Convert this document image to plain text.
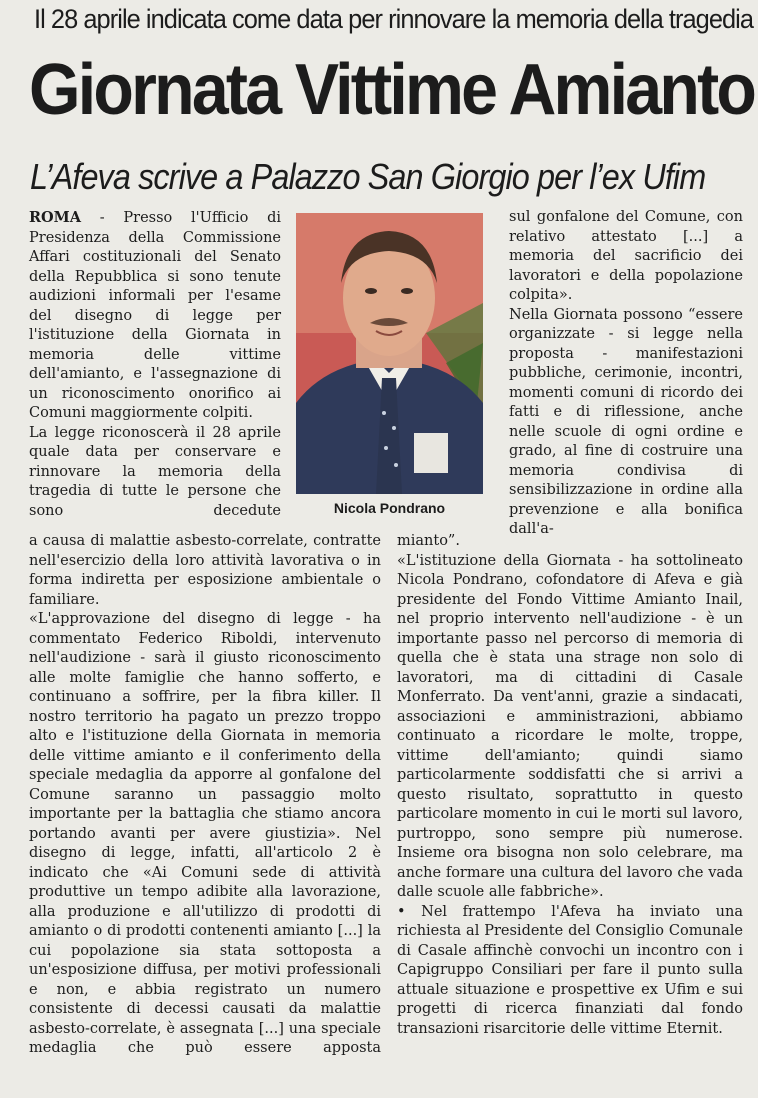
Il 28 aprile indicata come data per rinnovare la memoria della tragedia
Giornata Vittime Amianto
L’Afeva scrive a Palazzo San Giorgio per l’ex Ufim

ROMA - Presso l'Ufficio di Presidenza della Commissione Affari costituzionali del Senato della Repubblica si sono tenute audizioni informali per l'esame del disegno di legge per l'istituzione della Giornata in memoria delle vittime dell'amianto, e l'assegnazione di un riconoscimento onorifico ai Comuni maggiormente colpiti.

La legge riconoscerà il 28 aprile quale data per conservare e rinnovare la memoria della tragedia di tutte le persone che sono decedute	Nicola Pondrano

sul gonfalone del Comune, con relativo attestato [...] a memoria del sacrificio dei lavoratori e della popolazione colpita».

Nella Giornata possono “essere organizzate - si legge nella proposta - manifestazioni pubbliche, cerimonie, incontri, momenti comuni di ricordo dei fatti e di riflessione, anche nelle scuole di ogni ordine e grado, al fine di costruire una memoria condivisa di sensibilizzazione in ordine alla prevenzione e alla bonifica dall'a-

a causa di malattie asbesto-correlate, contratte nell'esercizio della loro attività lavorativa o in forma indiretta per esposizione ambientale o familiare.

«L'approvazione del disegno di legge - ha commentato Federico Riboldi, intervenuto nell'audizione - sarà il giusto riconoscimento alle molte famiglie che hanno sofferto, e continuano a soffrire, per la fibra killer. Il nostro territorio ha pagato un prezzo troppo alto e l'istituzione della Giornata in memoria delle vittime amianto e il conferimento della speciale medaglia da apporre al gonfalone del Comune saranno un passaggio molto importante per la battaglia che stiamo ancora portando avanti per avere giustizia». Nel disegno di legge, infatti, all'articolo 2 è indicato che «Ai Comuni sede di attività produttive un tempo adibite alla lavorazione, alla produzione e all'utilizzo di prodotti di amianto o di prodotti contenenti amianto [...] la cui popolazione sia stata sottoposta a un'esposizione diffusa, per motivi professionali e non, e abbia registrato un numero consistente di decessi causati da malattie asbesto-correlate, è assegnata [...] una speciale medaglia che può essere apposta

mianto”.

«L'istituzione della Giornata - ha sottolineato Nicola Pondrano, cofondatore di Afeva e già presidente del Fondo Vittime Amianto Inail, nel proprio intervento nell'audizione - è un importante passo nel percorso di memoria di quella che è stata una strage non solo di lavoratori, ma di cittadini di Casale Monferrato. Da vent'anni, grazie a sindacati, associazioni e amministrazioni, abbiamo continuato a ricordare le molte, troppe, vittime dell'amianto; quindi siamo particolarmente soddisfatti che si arrivi a questo risultato, soprattutto in questo particolare momento in cui le morti sul lavoro, purtroppo, sono sempre più numerose. Insieme ora bisogna non solo celebrare, ma anche formare una cultura del lavoro che vada dalle scuole alle fabbriche».

• Nel frattempo l'Afeva ha inviato una richiesta al Presidente del Consiglio Comunale di Casale affinchè convochi un incontro con i Capigruppo Consiliari per fare il punto sulla attuale situazione e prospettive ex Ufim e sui progetti di ricerca finanziati dal fondo transazioni risarcitorie delle vittime Eternit.
